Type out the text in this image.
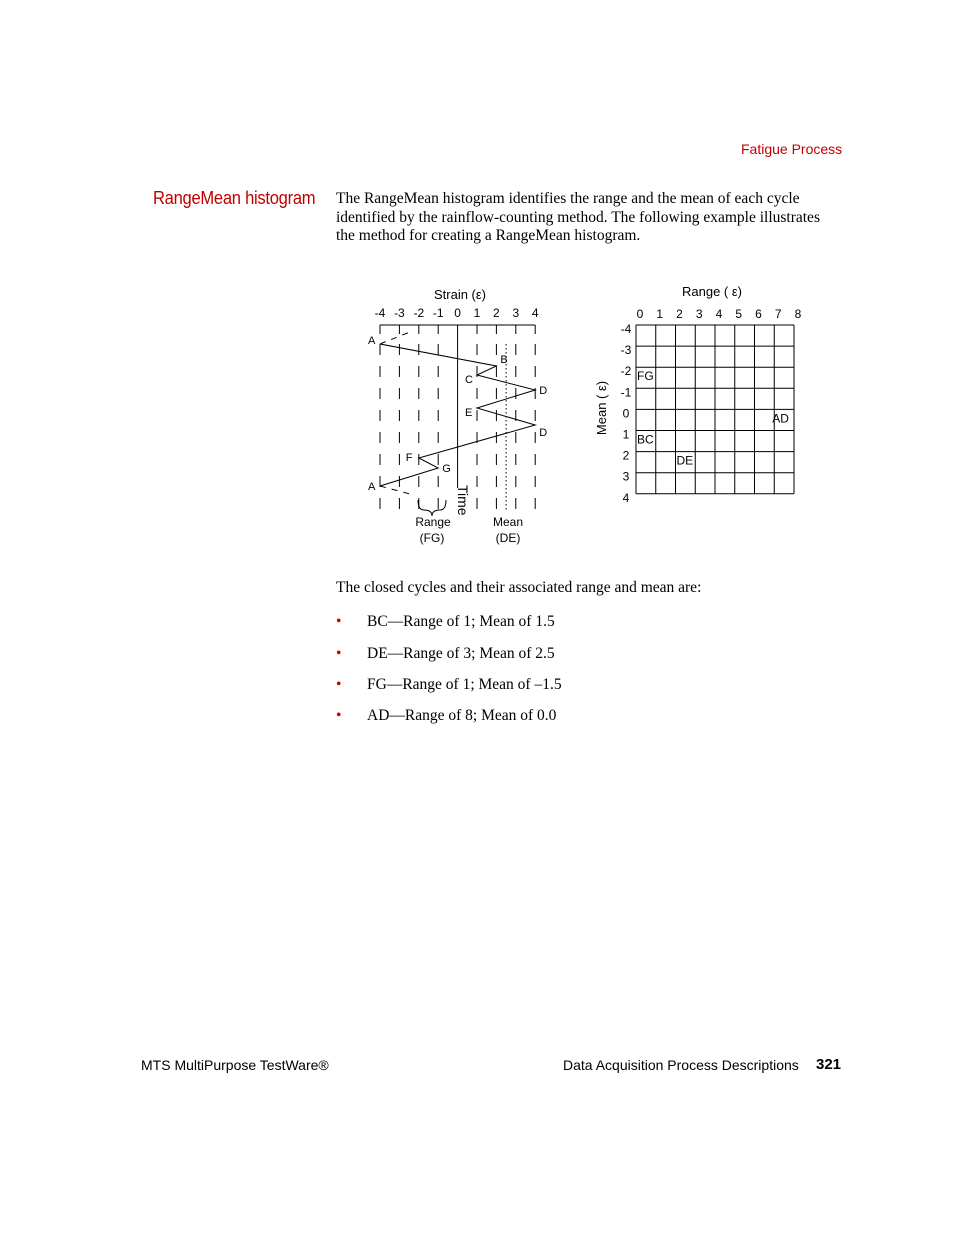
Fatigue Process
RangeMean histogram The RangeMean histogram identifies the range and the mean of each cycle identified by the rainflow-counting method. The following example illustrates the method for creating a RangeMean histogram.
Strain (ε)
-4 -3 -2 -1 0 1 2 3 4
A
B
C
D
E
D
F
G
A	Time
Range
(FG)
Mean
(DE)
Range ( ε)
Mean ( ε)
0 1 2 3 4 5 6 7 8
-4
-3
-2
-1
0
1
2
3
4
FG
BC
DE
AD
The closed cycles and their associated range and mean are:
• BC—Range of 1; Mean of 1.5
• DE—Range of 3; Mean of 2.5
• FG—Range of 1; Mean of –1.5
• AD—Range of 8; Mean of 0.0
MTS MultiPurpose TestWare®	Data Acquisition Process Descriptions 321
